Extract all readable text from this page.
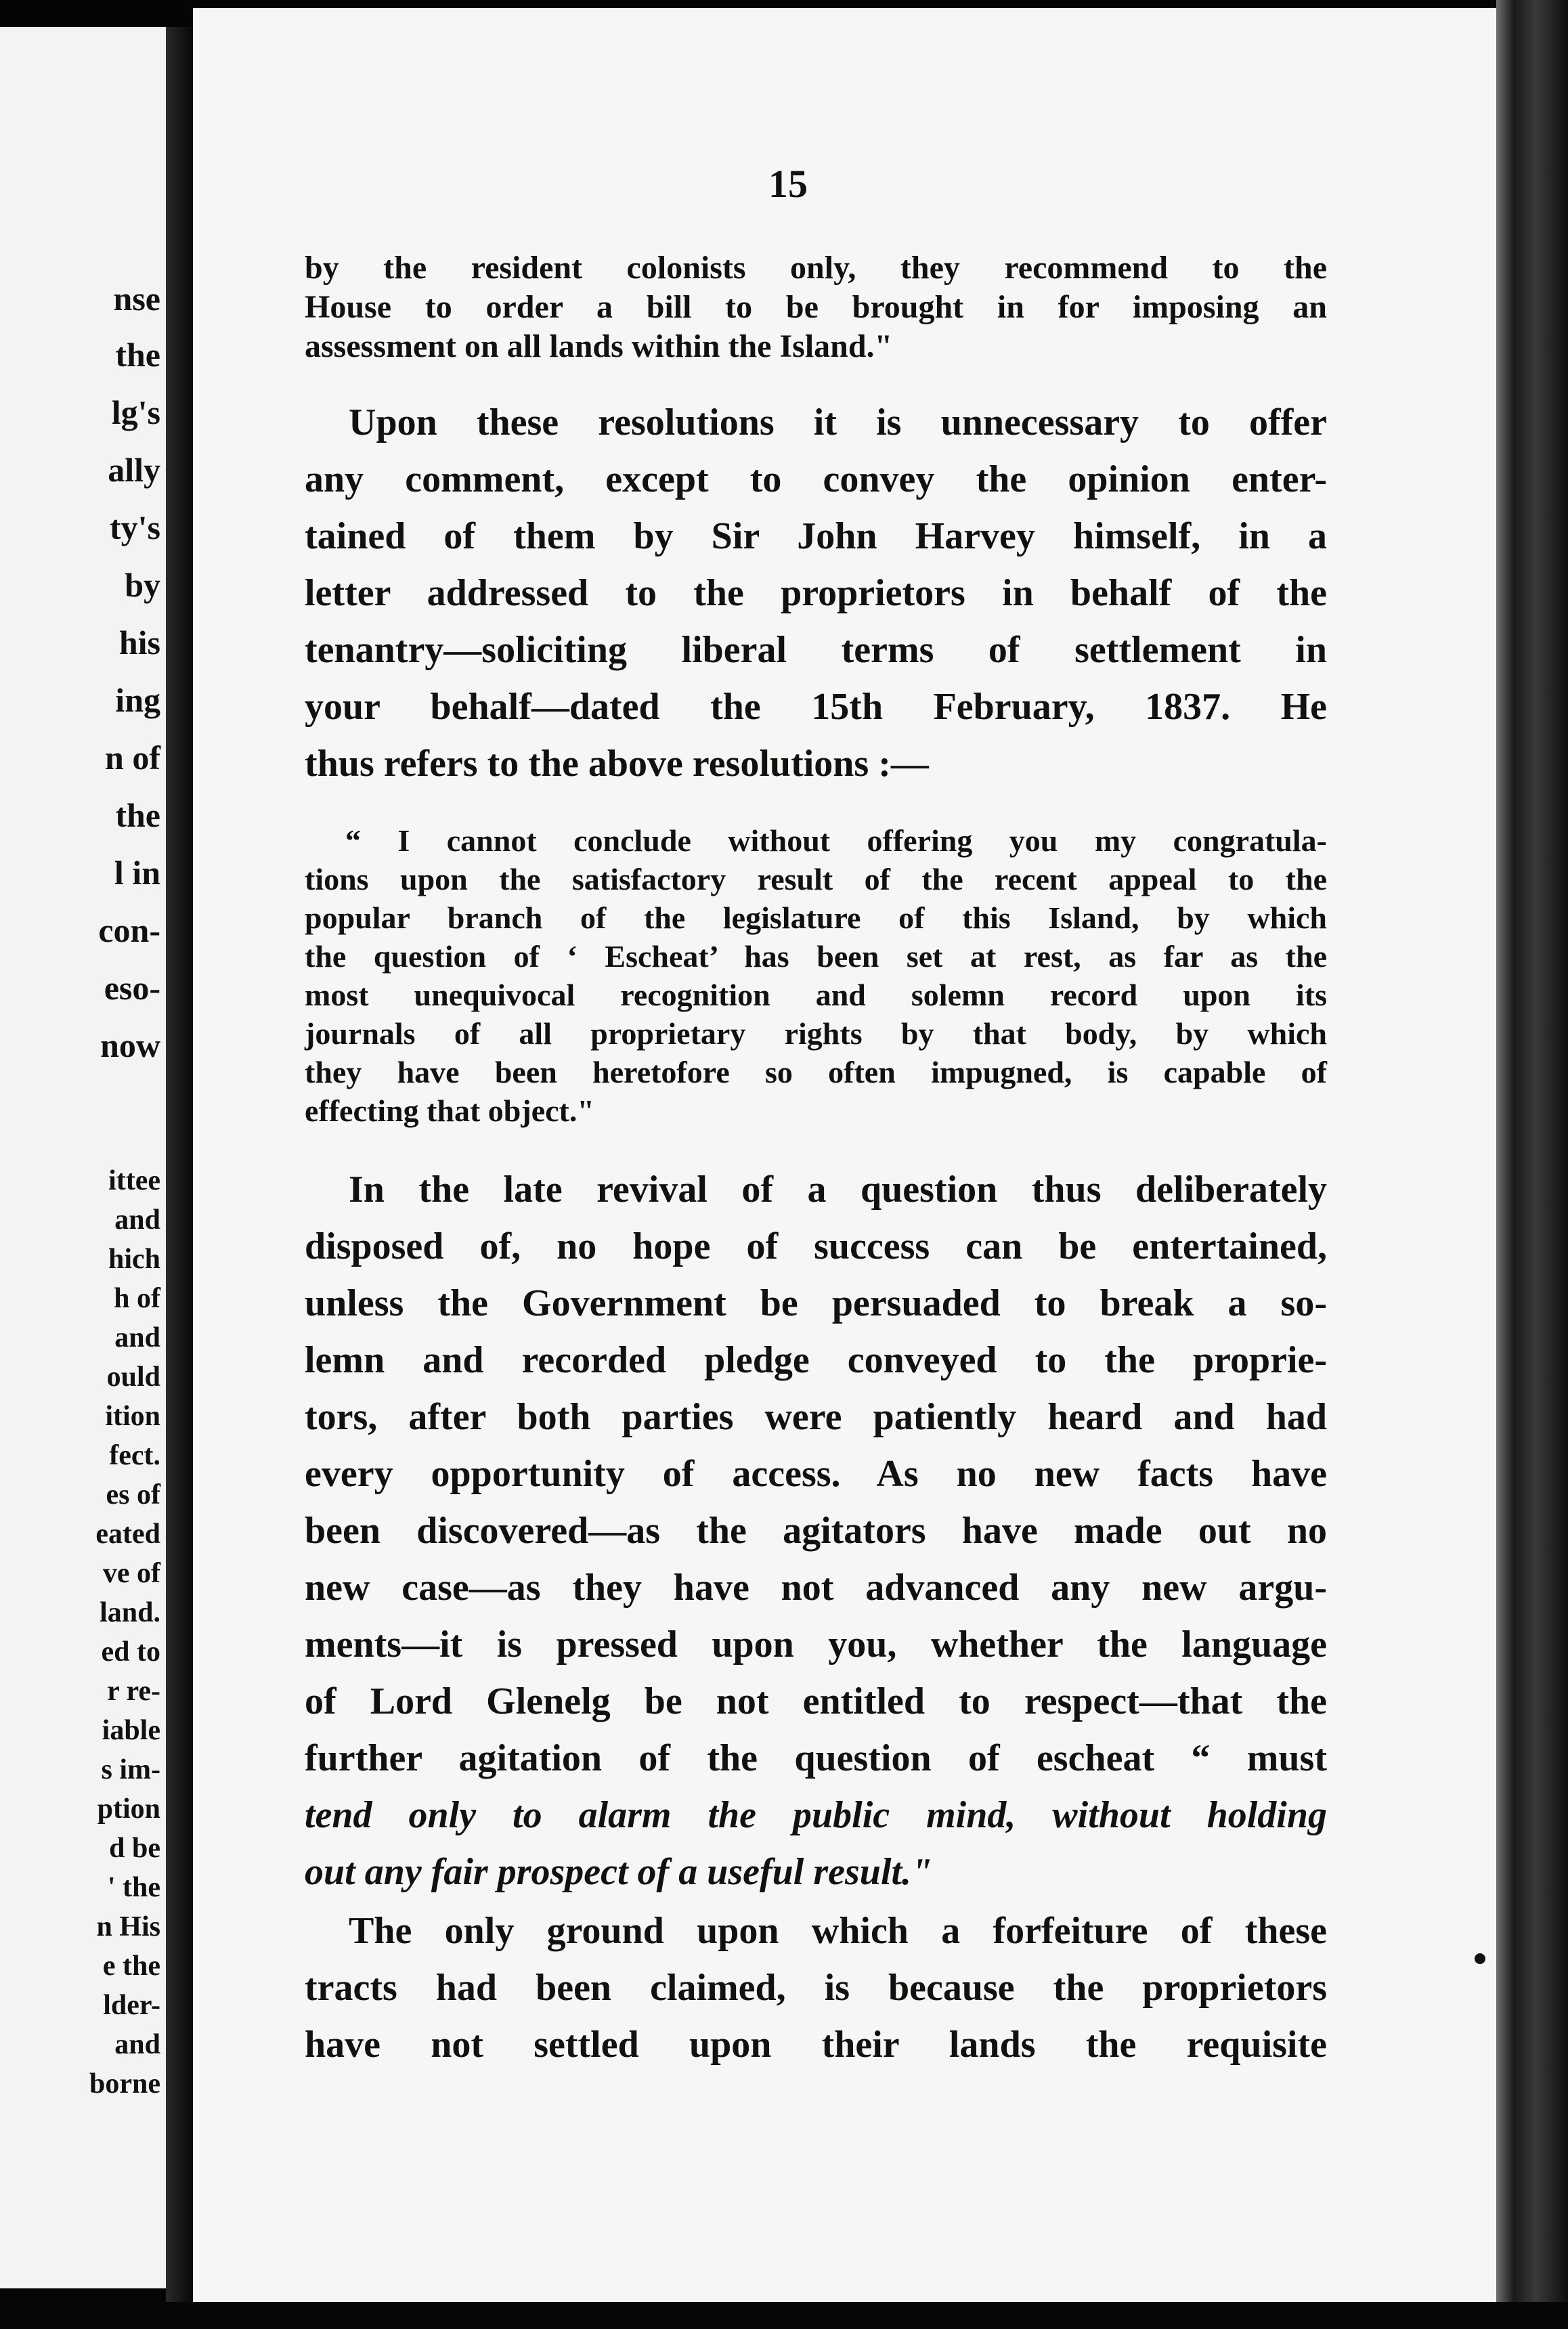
nse

the

lg's

ally

ty's

by

his

ing

n of

the

l in

con-

eso-

now

ittee

and

hich

h of

and

ould

ition

fect.

es of

eated

ve of

land.

ed to

r re-

iable

s im-

ption

d be

' the

n His

e the

lder-

and

borne

15

by the resident colonists only, they recommend to the

House to order a bill to be brought in for imposing an

assessment on all lands within the Island."

Upon these resolutions it is unnecessary to offer

any comment, except to convey the opinion enter-

tained of them by Sir John Harvey himself, in a

letter addressed to the proprietors in behalf of the

tenantry—soliciting liberal terms of settlement in

your behalf—dated the 15th February, 1837. He

thus refers to the above resolutions :—

“ I cannot conclude without offering you my congratula-

tions upon the satisfactory result of the recent appeal to the

popular branch of the legislature of this Island, by which

the question of ‘ Escheat’ has been set at rest, as far as the

most unequivocal recognition and solemn record upon its

journals of all proprietary rights by that body, by which

they have been heretofore so often impugned, is capable of

effecting that object."

In the late revival of a question thus deliberately

disposed of, no hope of success can be entertained,

unless the Government be persuaded to break a so-

lemn and recorded pledge conveyed to the proprie-

tors, after both parties were patiently heard and had

every opportunity of access. As no new facts have

been discovered—as the agitators have made out no

new case—as they have not advanced any new argu-

ments—it is pressed upon you, whether the language

of Lord Glenelg be not entitled to respect—that the

further agitation of the question of escheat “ must

tend only to alarm the public mind, without holding

out any fair prospect of a useful result."

The only ground upon which a forfeiture of these

tracts had been claimed, is because the proprietors

have not settled upon their lands the requisite
